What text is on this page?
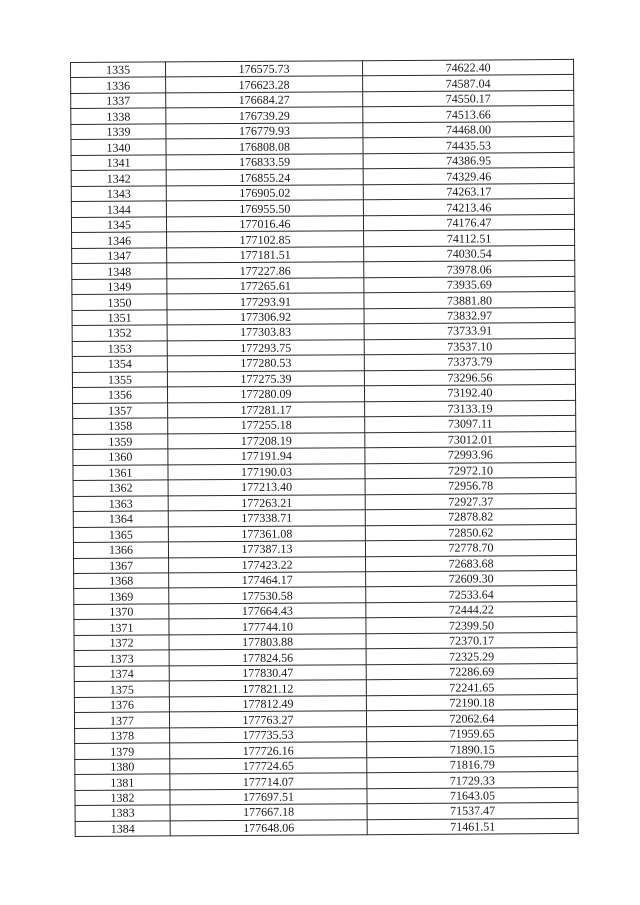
1335	176575.73	74622.40
1336	176623.28	74587.04
1337	176684.27	74550.17
1338	176739.29	74513.66
1339	176779.93	74468.00
1340	176808.08	74435.53
1341	176833.59	74386.95
1342	176855.24	74329.46
1343	176905.02	74263.17
1344	176955.50	74213.46
1345	177016.46	74176.47
1346	177102.85	74112.51
1347	177181.51	74030.54
1348	177227.86	73978.06
1349	177265.61	73935.69
1350	177293.91	73881.80
1351	177306.92	73832.97
1352	177303.83	73733.91
1353	177293.75	73537.10
1354	177280.53	73373.79
1355	177275.39	73296.56
1356	177280.09	73192.40
1357	177281.17	73133.19
1358	177255.18	73097.11
1359	177208.19	73012.01
1360	177191.94	72993.96
1361	177190.03	72972.10
1362	177213.40	72956.78
1363	177263.21	72927.37
1364	177338.71	72878.82
1365	177361.08	72850.62
1366	177387.13	72778.70
1367	177423.22	72683.68
1368	177464.17	72609.30
1369	177530.58	72533.64
1370	177664.43	72444.22
1371	177744.10	72399.50
1372	177803.88	72370.17
1373	177824.56	72325.29
1374	177830.47	72286.69
1375	177821.12	72241.65
1376	177812.49	72190.18
1377	177763.27	72062.64
1378	177735.53	71959.65
1379	177726.16	71890.15
1380	177724.65	71816.79
1381	177714.07	71729.33
1382	177697.51	71643.05
1383	177667.18	71537.47
1384	177648.06	71461.51
